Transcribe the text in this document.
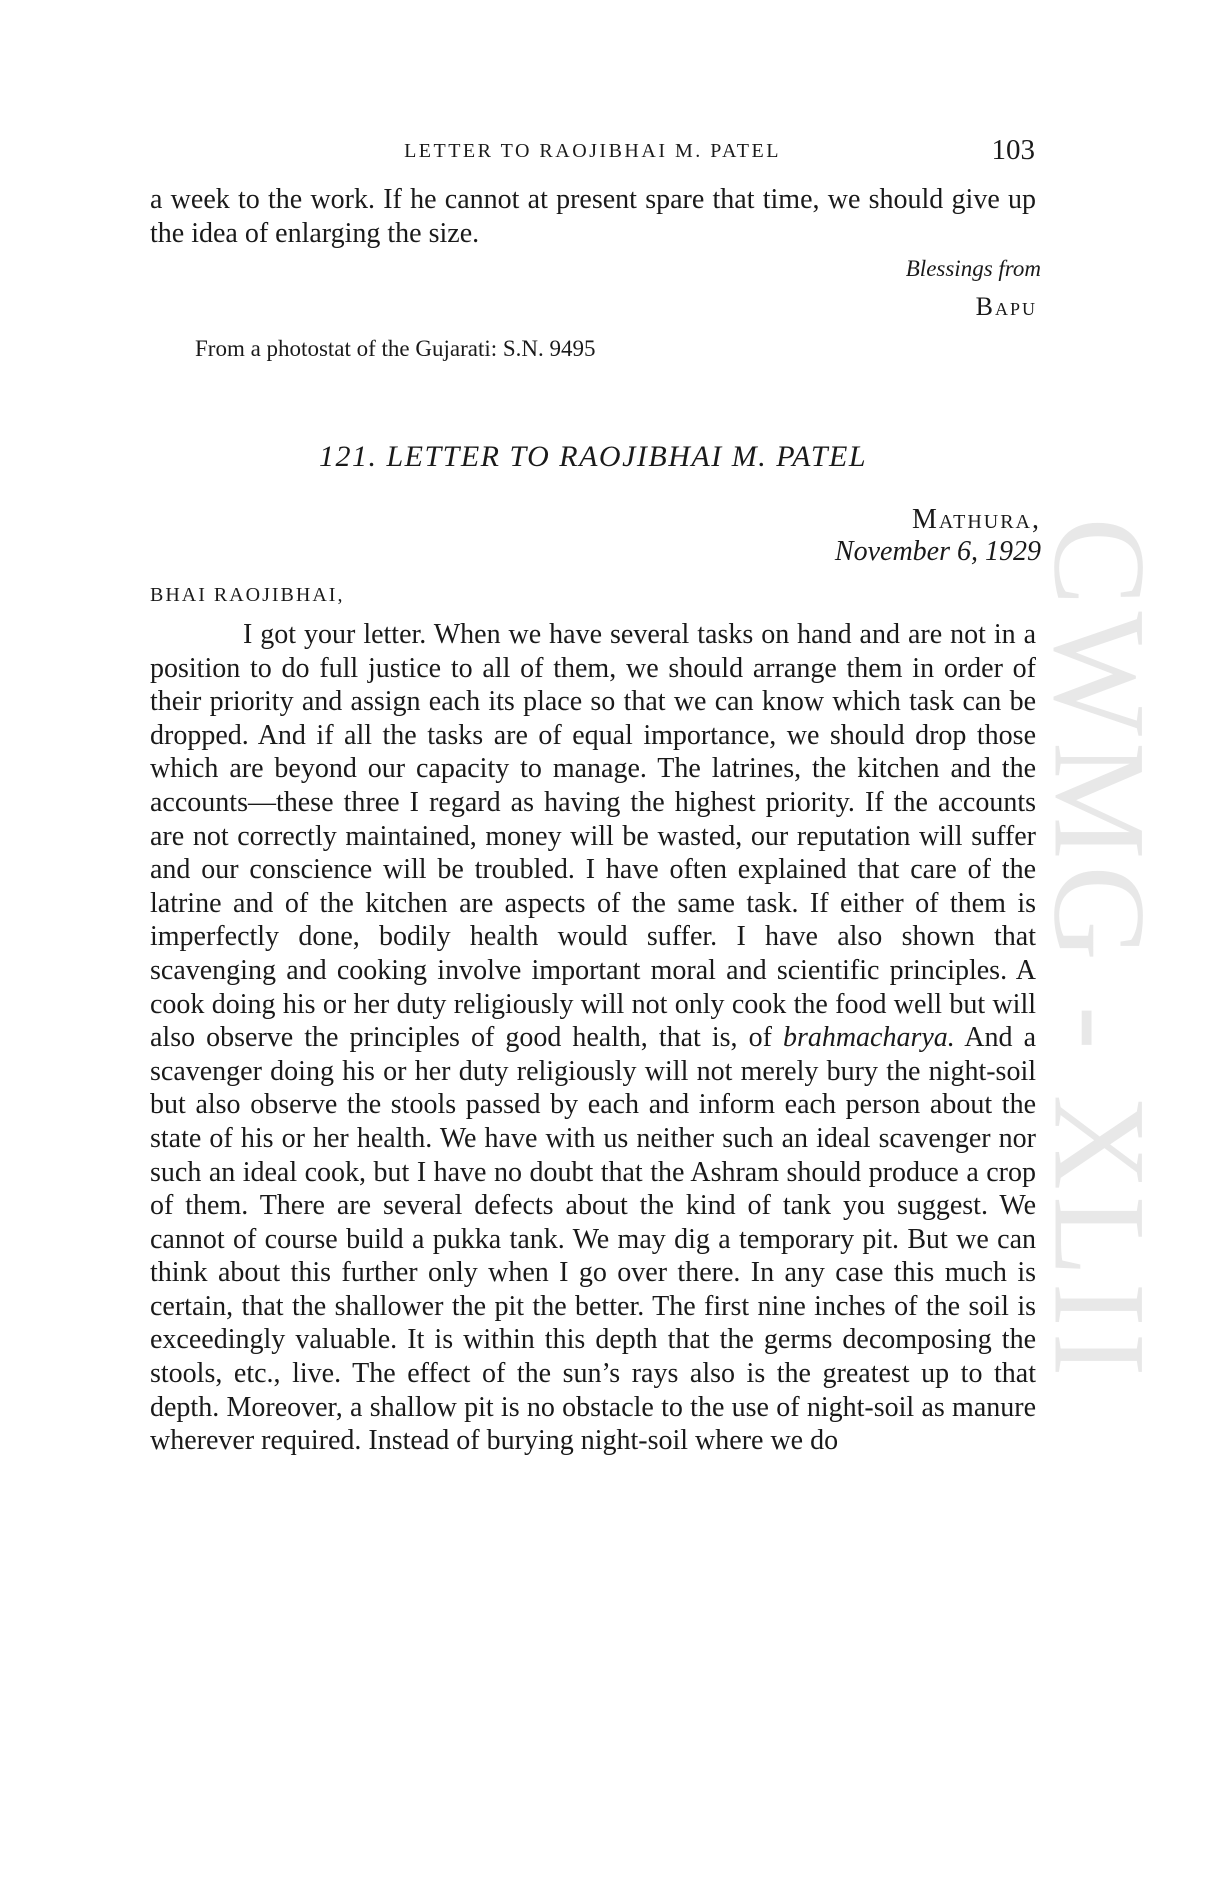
CWMG - XLII
LETTER TO RAOJIBHAI M. PATEL	103

a week to the work. If he cannot at present spare that time, we should give up the idea of enlarging the size.

Blessings from
Bapu
From a photostat of the Gujarati: S.N. 9495
121. LETTER TO RAOJIBHAI M. PATEL
Mathura,
November 6, 1929
BHAI RAOJIBHAI,

I got your letter. When we have several tasks on hand and are not in a position to do full justice to all of them, we should arrange them in order of their priority and assign each its place so that we can know which task can be dropped. And if all the tasks are of equal importance, we should drop those which are beyond our capacity to manage. The latrines, the kitchen and the accounts—these three I regard as having the highest priority. If the accounts are not correctly maintained, money will be wasted, our reputation will suffer and our conscience will be troubled. I have often explained that care of the latrine and of the kitchen are aspects of the same task. If either of them is imperfectly done, bodily health would suffer. I have also shown that scavenging and cooking involve important moral and scientific principles. A cook doing his or her duty religiously will not only cook the food well but will also observe the principles of good health, that is, of brahmacharya. And a scavenger doing his or her duty religiously will not merely bury the night-soil but also observe the stools passed by each and inform each person about the state of his or her health. We have with us neither such an ideal scavenger nor such an ideal cook, but I have no doubt that the Ashram should produce a crop of them. There are several defects about the kind of tank you suggest. We cannot of course build a pukka tank. We may dig a temporary pit. But we can think about this further only when I go over there. In any case this much is certain, that the shallower the pit the better. The first nine inches of the soil is exceedingly valuable. It is within this depth that the germs decomposing the stools, etc., live. The effect of the sun’s rays also is the greatest up to that depth. Moreover, a shallow pit is no obstacle to the use of night-soil as manure wherever required. Instead of burying night-soil where we do
